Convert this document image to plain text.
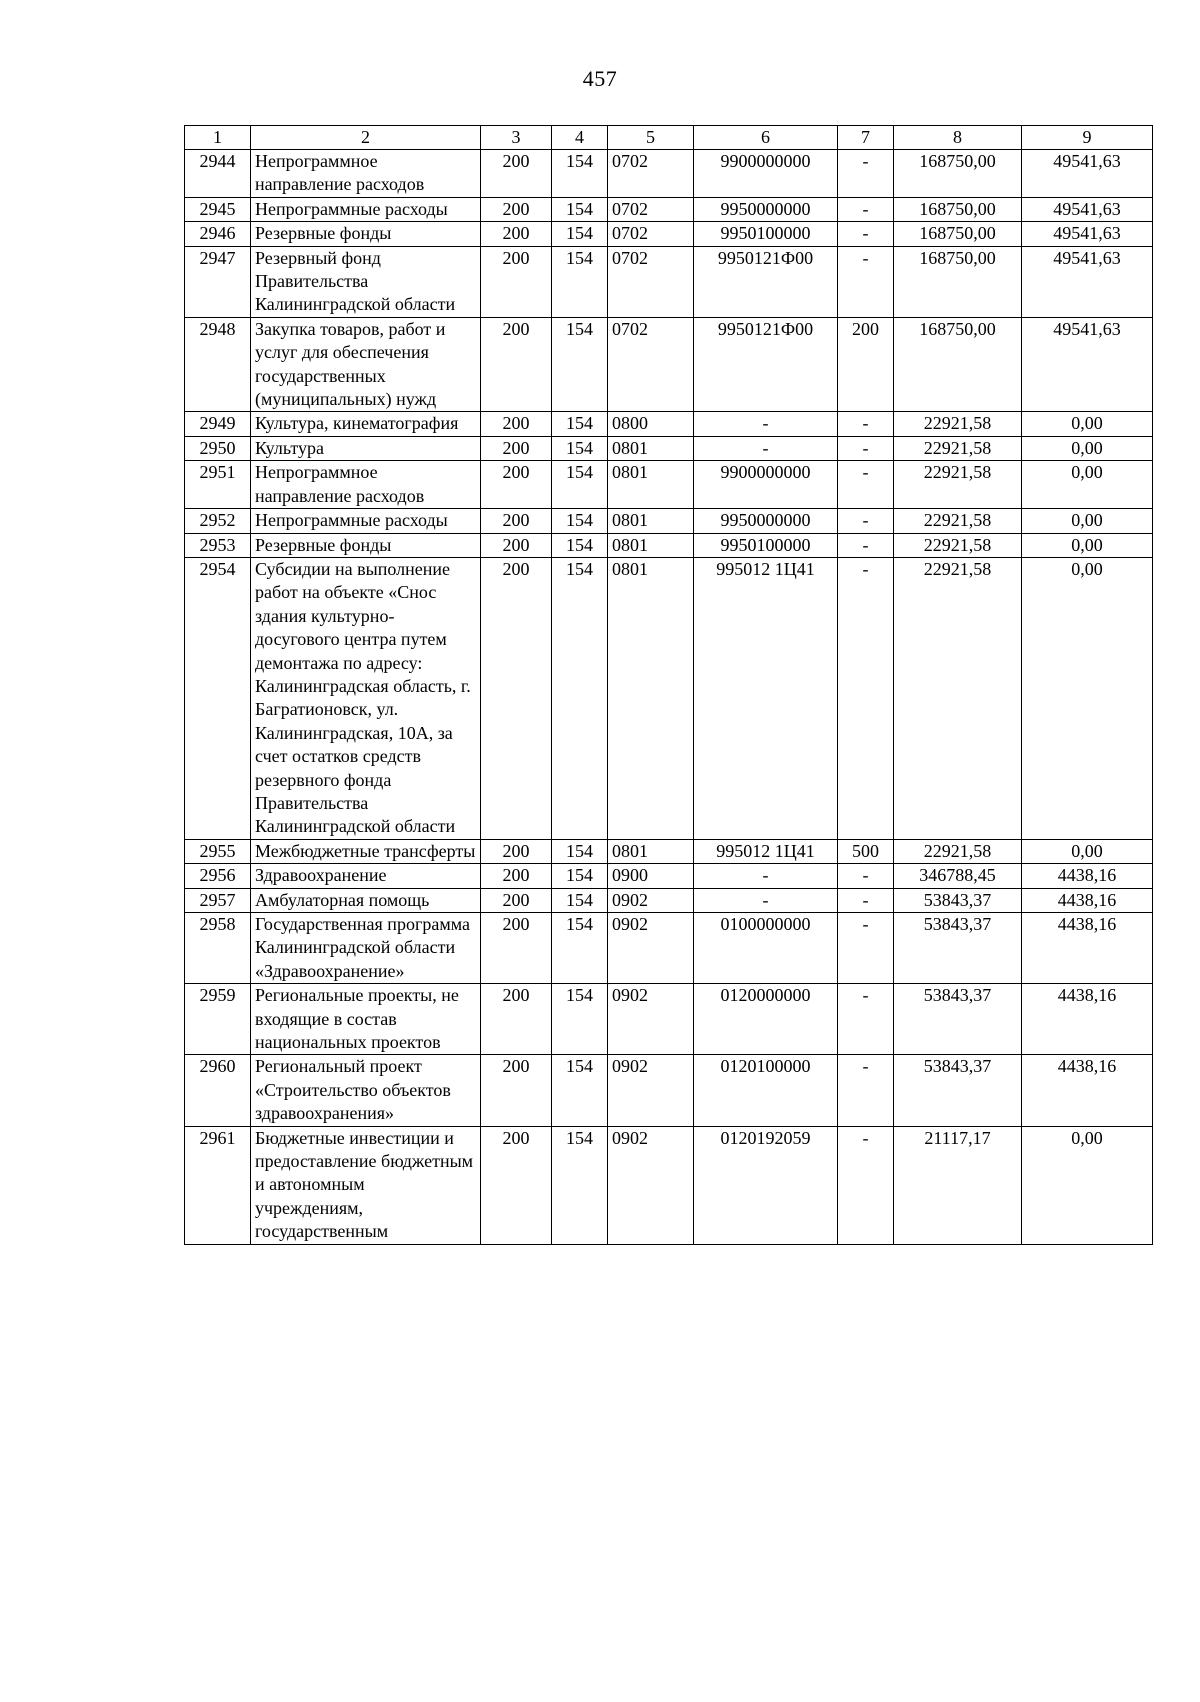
457
1	2	3	4	5	6	7	8	9
2944	Непрограммное направление расходов	200	154	0702	9900000000	-	168750,00	49541,63
2945	Непрограммные расходы	200	154	0702	9950000000	-	168750,00	49541,63
2946	Резервные фонды	200	154	0702	9950100000	-	168750,00	49541,63
2947	Резервный фонд Правительства Калининградской области	200	154	0702	9950121Ф00	-	168750,00	49541,63
2948	Закупка товаров, работ и услуг для обеспечения государственных (муниципальных) нужд	200	154	0702	9950121Ф00	200	168750,00	49541,63
2949	Культура, кинематография	200	154	0800	-	-	22921,58	0,00
2950	Культура	200	154	0801	-	-	22921,58	0,00
2951	Непрограммное направление расходов	200	154	0801	9900000000	-	22921,58	0,00
2952	Непрограммные расходы	200	154	0801	9950000000	-	22921,58	0,00
2953	Резервные фонды	200	154	0801	9950100000	-	22921,58	0,00
2954	Субсидии на выполнение работ на объекте «Снос здания культурно-досугового центра путем демонтажа по адресу: Калининградская область, г. Багратионовск, ул. Калининградская, 10А, за счет остатков средств резервного фонда Правительства Калининградской области	200	154	0801	995012 1Ц41	-	22921,58	0,00
2955	Межбюджетные трансферты	200	154	0801	995012 1Ц41	500	22921,58	0,00
2956	Здравоохранение	200	154	0900	-	-	346788,45	4438,16
2957	Амбулаторная помощь	200	154	0902	-	-	53843,37	4438,16
2958	Государственная программа Калининградской области «Здравоохранение»	200	154	0902	0100000000	-	53843,37	4438,16
2959	Региональные проекты, не входящие в состав национальных проектов	200	154	0902	0120000000	-	53843,37	4438,16
2960	Региональный проект «Строительство объектов здравоохранения»	200	154	0902	0120100000	-	53843,37	4438,16
2961	Бюджетные инвестиции и предоставление бюджетным и автономным учреждениям, государственным	200	154	0902	0120192059	-	21117,17	0,00
